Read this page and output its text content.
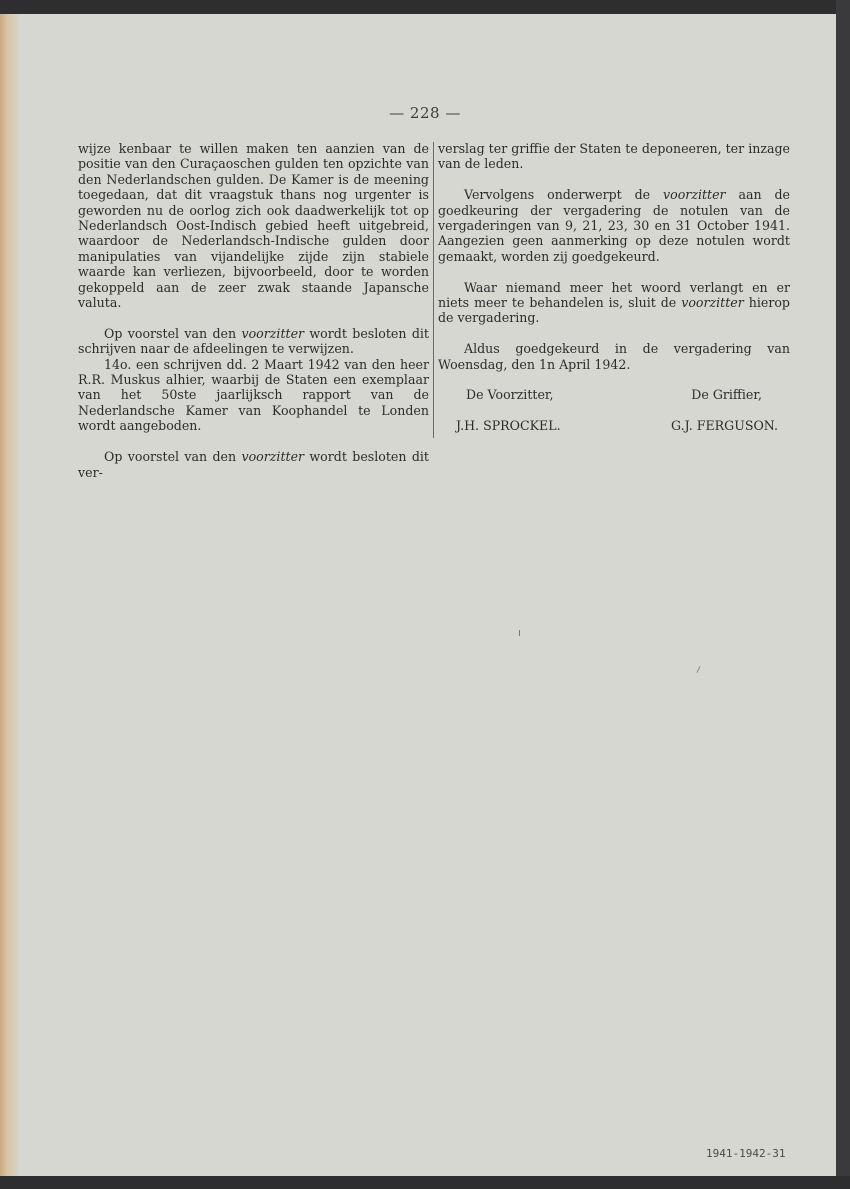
— 228 —

wijze kenbaar te willen maken ten aanzien van de positie van den Curaçaoschen gulden ten opzichte van den Nederlandschen gulden. De Kamer is de meening toegedaan, dat dit vraagstuk thans nog urgenter is geworden nu de oorlog zich ook daadwerkelijk tot op Nederlandsch Oost-Indisch gebied heeft uitgebreid, waardoor de Nederlandsch-Indische gulden door manipulaties van vijandelijke zijde zijn stabiele waarde kan verliezen, bijvoorbeeld, door te worden gekoppeld aan de zeer zwak staande Japansche valuta.

Op voorstel van den voorzitter wordt besloten dit schrijven naar de afdeelingen te verwijzen.

14o. een schrijven dd. 2 Maart 1942 van den heer R.R. Muskus alhier, waarbij de Staten een exemplaar van het 50ste jaarlijksch rapport van de Nederlandsche Kamer van Koophandel te Londen wordt aangeboden.

Op voorstel van den voorzitter wordt besloten dit ver-

verslag ter griffie der Staten te deponeeren, ter inzage van de leden.

Vervolgens onderwerpt de voorzitter aan de goedkeuring der vergadering de notulen van de vergaderingen van 9, 21, 23, 30 en 31 October 1941. Aangezien geen aanmerking op deze notulen wordt gemaakt, worden zij goedgekeurd.

Waar niemand meer het woord verlangt en er niets meer te behandelen is, sluit de voorzitter hierop de vergadering.

Aldus goedgekeurd in de vergadering van Woensdag, den 1n April 1942.

De Voorzitter,	De Griffier,
J.H. SPROCKEL.	G.J. FERGUSON.
1941-1942-31
